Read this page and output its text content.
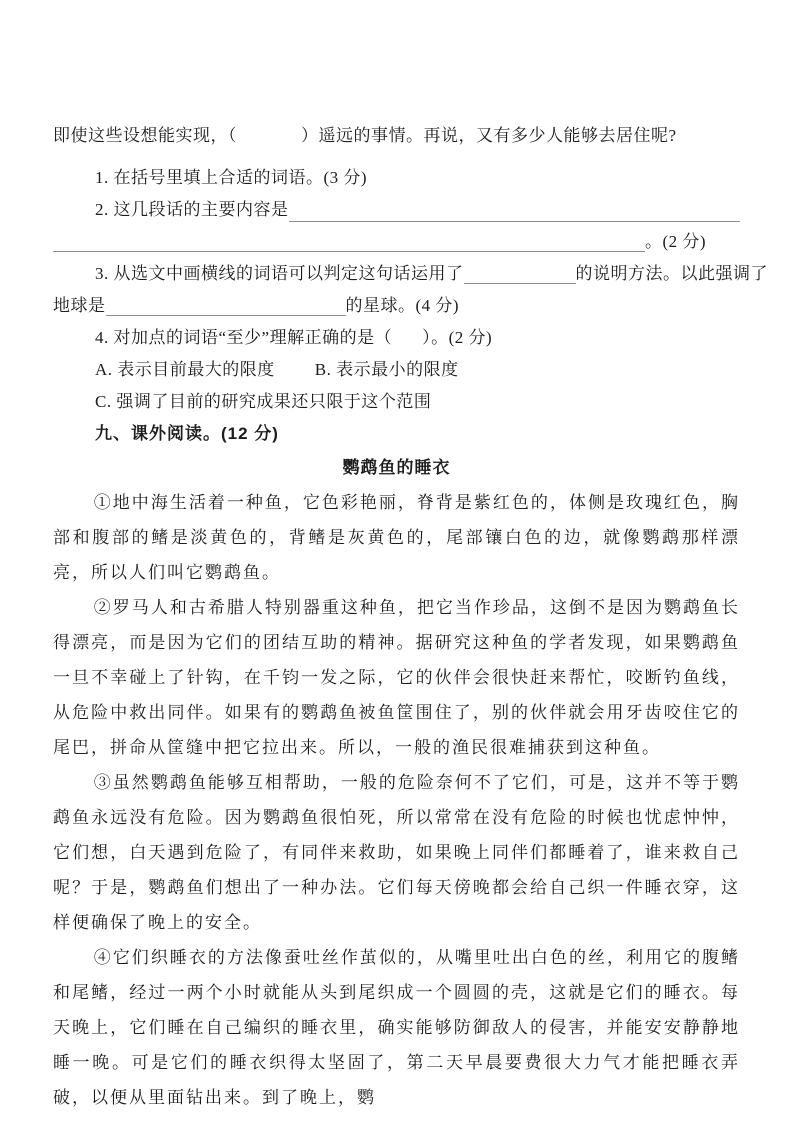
即使这些设想能实现，（	）遥远的事情。再说，又有多少人能够去居住呢?
1. 在括号里填上合适的词语。(3 分)
2. 这几段话的主要内容是
。(2 分)
3. 从选文中画横线的词语可以判定这句话运用了	的说明方法。以此强调了
地球是	的星球。(4 分)
4. 对加点的词语“至少”理解正确的是（ ）。(2 分)
A. 表示目前最大的限度 B. 表示最小的限度
C. 强调了目前的研究成果还只限于这个范围
九、课外阅读。(12 分)
鹦鹉鱼的睡衣

①地中海生活着一种鱼，它色彩艳丽，脊背是紫红色的，体侧是玫瑰红色，胸部和腹部的鳍是淡黄色的，背鳍是灰黄色的，尾部镶白色的边，就像鹦鹉那样漂亮，所以人们叫它鹦鹉鱼。

②罗马人和古希腊人特别器重这种鱼，把它当作珍品，这倒不是因为鹦鹉鱼长得漂亮，而是因为它们的团结互助的精神。据研究这种鱼的学者发现，如果鹦鹉鱼一旦不幸碰上了针钩，在千钧一发之际，它的伙伴会很快赶来帮忙，咬断钓鱼线，从危险中救出同伴。如果有的鹦鹉鱼被鱼筐围住了，别的伙伴就会用牙齿咬住它的尾巴，拼命从筐缝中把它拉出来。所以，一般的渔民很难捕获到这种鱼。

③虽然鹦鹉鱼能够互相帮助，一般的危险奈何不了它们，可是，这并不等于鹦鹉鱼永远没有危险。因为鹦鹉鱼很怕死，所以常常在没有危险的时候也忧虑忡忡，它们想，白天遇到危险了，有同伴来救助，如果晚上同伴们都睡着了，谁来救自己呢？于是，鹦鹉鱼们想出了一种办法。它们每天傍晚都会给自己织一件睡衣穿，这样便确保了晚上的安全。

④它们织睡衣的方法像蚕吐丝作茧似的，从嘴里吐出白色的丝，利用它的腹鳍和尾鳍，经过一两个小时就能从头到尾织成一个圆圆的壳，这就是它们的睡衣。每天晚上，它们睡在自己编织的睡衣里，确实能够防御敌人的侵害，并能安安静静地睡一晚。可是它们的睡衣织得太坚固了，第二天早晨要费很大力气才能把睡衣弄破，以便从里面钻出来。到了晚上，鹦
